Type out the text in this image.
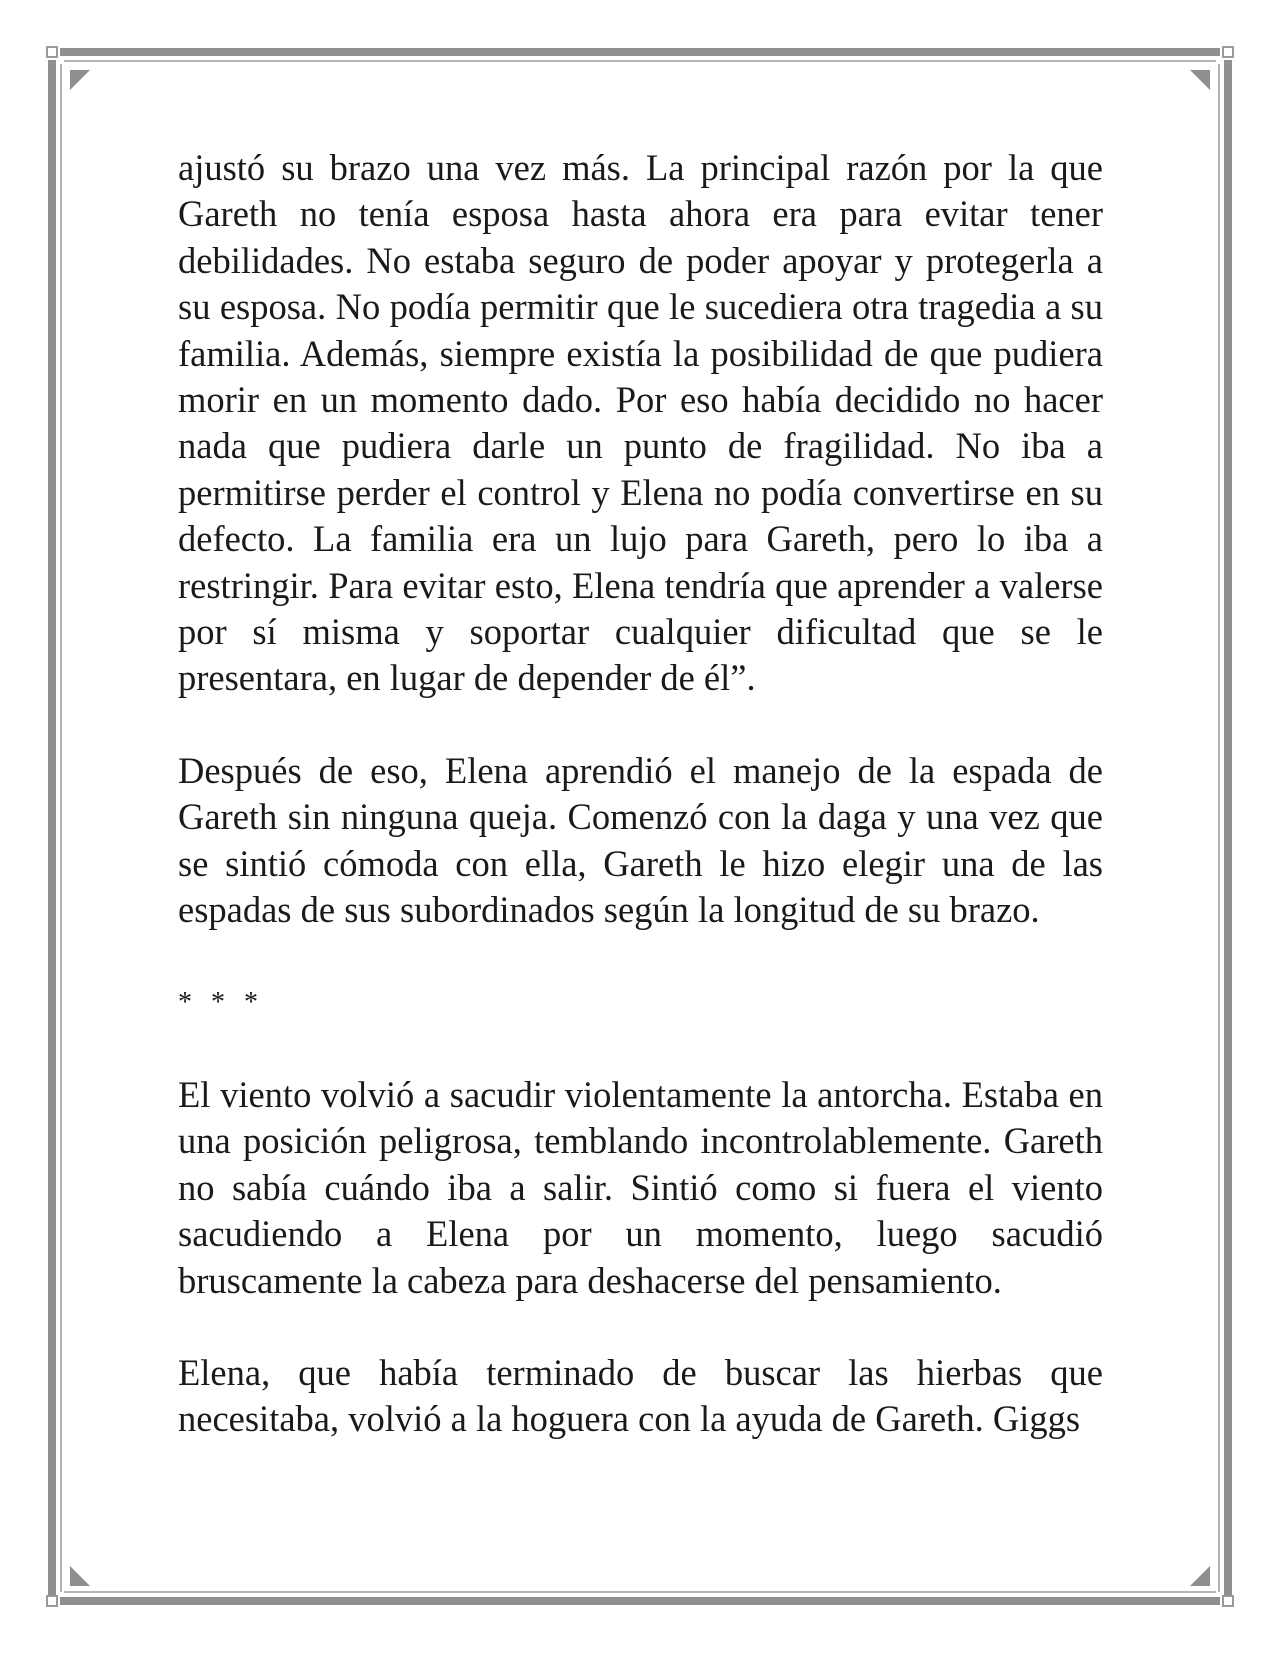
ajustó su brazo una vez más. La principal razón por la que Gareth no tenía esposa hasta ahora era para evitar tener debilidades. No estaba seguro de poder apoyar y protegerla a su esposa. No podía permitir que le sucediera otra tragedia a su familia. Además, siempre existía la posibilidad de que pudiera morir en un momento dado. Por eso había decidido no hacer nada que pudiera darle un punto de fragilidad. No iba a permitirse perder el control y Elena no podía convertirse en su defecto. La familia era un lujo para Gareth, pero lo iba a restringir. Para evitar esto, Elena tendría que aprender a valerse por sí misma y soportar cualquier dificultad que se le presentara, en lugar de depender de él”.

Después de eso, Elena aprendió el manejo de la espada de Gareth sin ninguna queja. Comenzó con la daga y una vez que se sintió cómoda con ella, Gareth le hizo elegir una de las espadas de sus subordinados según la longitud de su brazo.

* * *

El viento volvió a sacudir violentamente la antorcha. Estaba en una posición peligrosa, temblando incontrolablemente. Gareth no sabía cuándo iba a salir. Sintió como si fuera el viento sacudiendo a Elena por un momento, luego sacudió bruscamente la cabeza para deshacerse del pensamiento.

Elena, que había terminado de buscar las hierbas que necesitaba, volvió a la hoguera con la ayuda de Gareth. Giggs
